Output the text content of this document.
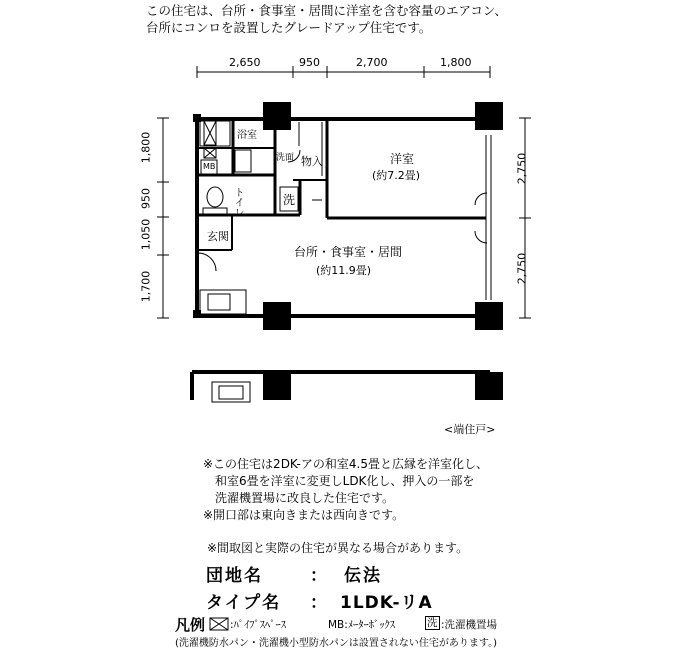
この住宅は、台所・食事室・居間に洋室を含む容量のエアコン、
台所にコンロを設置したグレードアップ住宅です。
2,650	950	2,700	1,800
1,800
950
1,050
1,700
2,750
2,750
浴室
洗面
MB	物入
トイレ	洗
玄関
洋室
(約7.2畳)
台所・食事室・居間
(約11.9畳)
<端住戸>
※この住宅は2DK-アの和室4.5畳と広縁を洋室化し、
和室6畳を洋室に変更しLDK化し、押入の一部を
洗濯機置場に改良した住宅です。
※開口部は東向きまたは西向きです。
※間取図と実際の住宅が異なる場合があります。
団地名	： 伝法
タイプ名 ： 1LDK-リA
凡例 :ﾊﾟｲﾌﾟｽﾍﾟｰｽ	MB:ﾒｰﾀｰﾎﾞｯｸｽ	洗 :洗濯機置場
(洗濯機防水パン・洗濯機小型防水パンは設置されない住宅があります。)
